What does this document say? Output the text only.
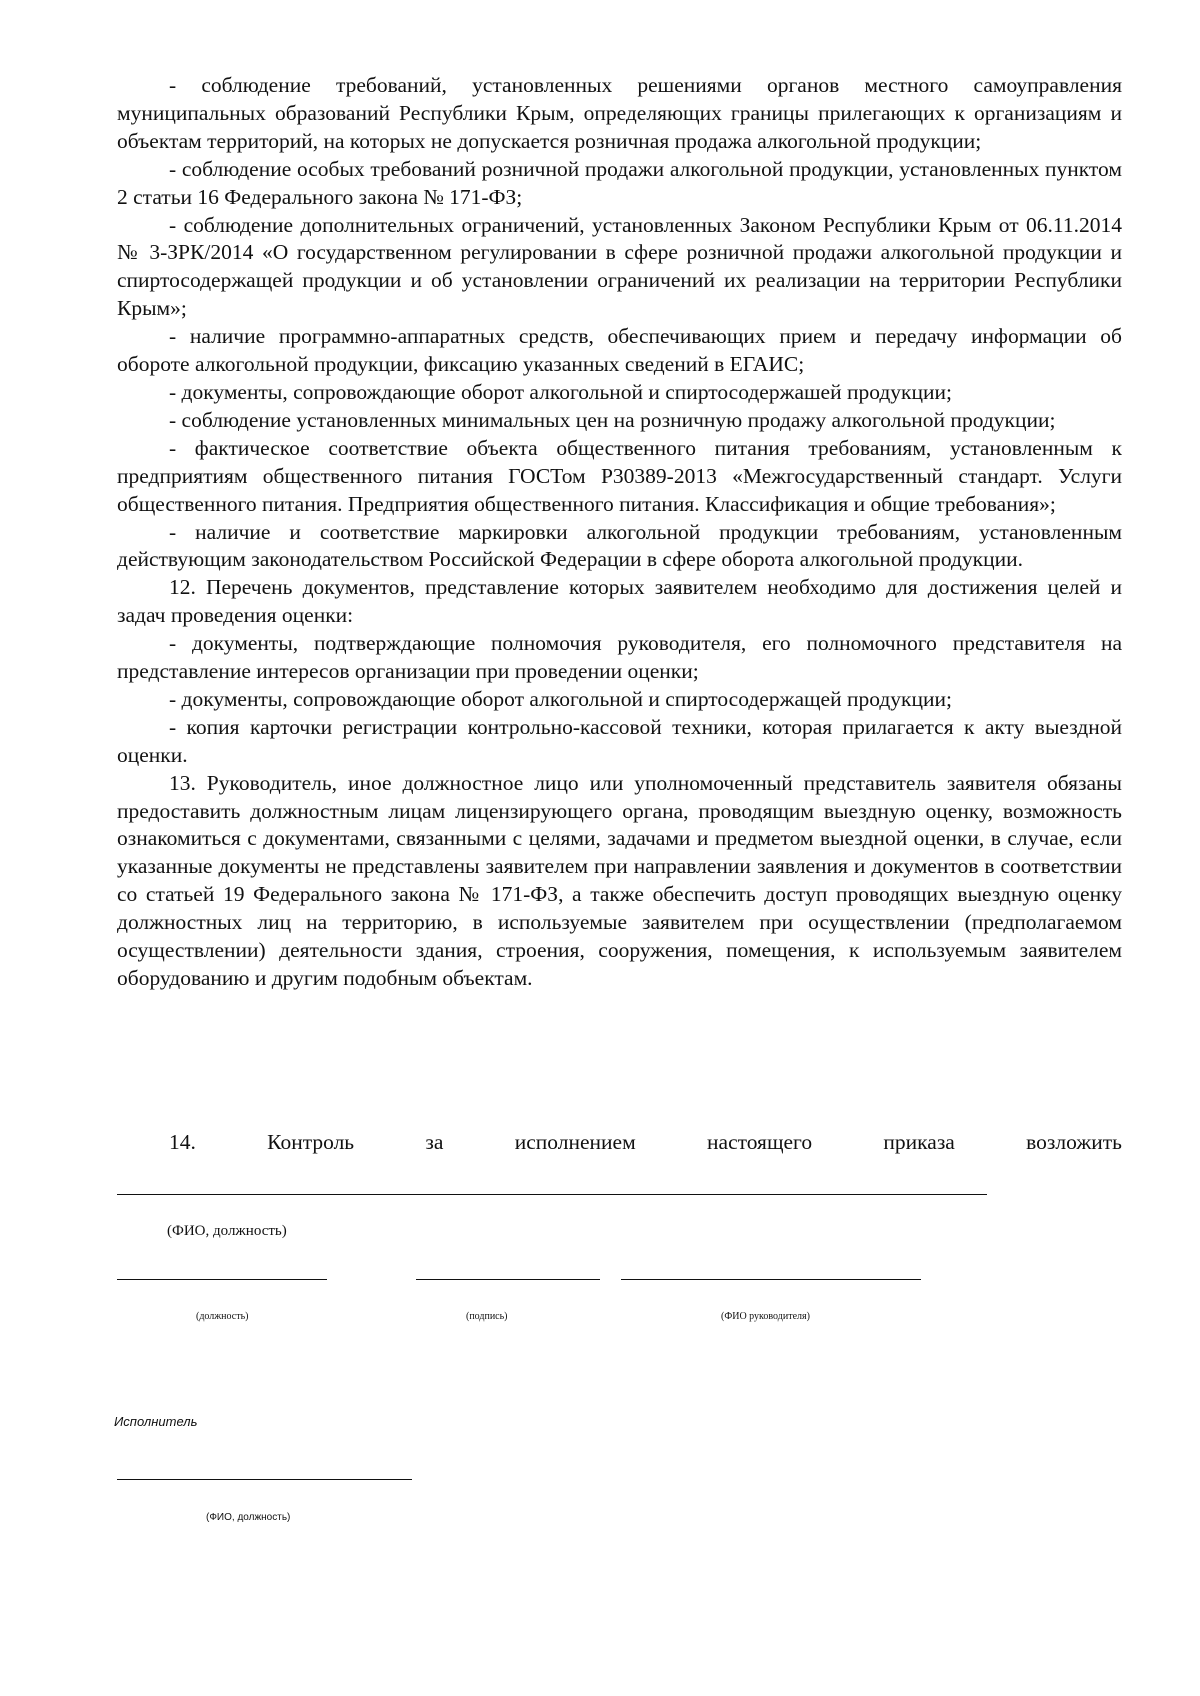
- соблюдение требований, установленных решениями органов местного самоуправления муниципальных образований Республики Крым, определяющих границы прилегающих к организациям и объектам территорий, на которых не допускается розничная продажа алкогольной продукции;

- соблюдение особых требований розничной продажи алкогольной продукции, установленных пунктом 2 статьи 16 Федерального закона № 171-ФЗ;

- соблюдение дополнительных ограничений, установленных Законом Республики Крым от 06.11.2014 № 3-ЗРК/2014 «О государственном регулировании в сфере розничной продажи алкогольной продукции и спиртосодержащей продукции и об установлении ограничений их реализации на территории Республики Крым»;

- наличие программно-аппаратных средств, обеспечивающих прием и передачу информации об обороте алкогольной продукции, фиксацию указанных сведений в ЕГАИС;

- документы, сопровождающие оборот алкогольной и спиртосодержашей продукции;

- соблюдение установленных минимальных цен на розничную продажу алкогольной продукции;

- фактическое соответствие объекта общественного питания требованиям, установленным к предприятиям общественного питания ГОСТом Р30389-2013 «Межгосударственный стандарт. Услуги общественного питания. Предприятия общественного питания. Классификация и общие требования»;

- наличие и соответствие маркировки алкогольной продукции требованиям, установленным действующим законодательством Российской Федерации в сфере оборота алкогольной продукции.

12. Перечень документов, представление которых заявителем необходимо для достижения целей и задач проведения оценки:

- документы, подтверждающие полномочия руководителя, его полномочного представителя на представление интересов организации при проведении оценки;

- документы, сопровождающие оборот алкогольной и спиртосодержащей продукции;

- копия карточки регистрации контрольно-кассовой техники, которая прилагается к акту выездной оценки.

13. Руководитель, иное должностное лицо или уполномоченный представитель заявителя обязаны предоставить должностным лицам лицензирующего органа, проводящим выездную оценку, возможность ознакомиться с документами, связанными с целями, задачами и предметом выездной оценки, в случае, если указанные документы не представлены заявителем при направлении заявления и документов в соответствии со статьей 19 Федерального закона № 171-ФЗ, а также обеспечить доступ проводящих выездную оценку должностных лиц на территорию, в используемые заявителем при осуществлении (предполагаемом осуществлении) деятельности здания, строения, сооружения, помещения, к используемым заявителем оборудованию и другим подобным объектам.

14.	Контроль	за	исполнением	настоящего	приказа	возложить
(ФИО, должность)
(должность)	(подпись)	(ФИО руководителя)
Исполнитель
(ФИО, должность)
